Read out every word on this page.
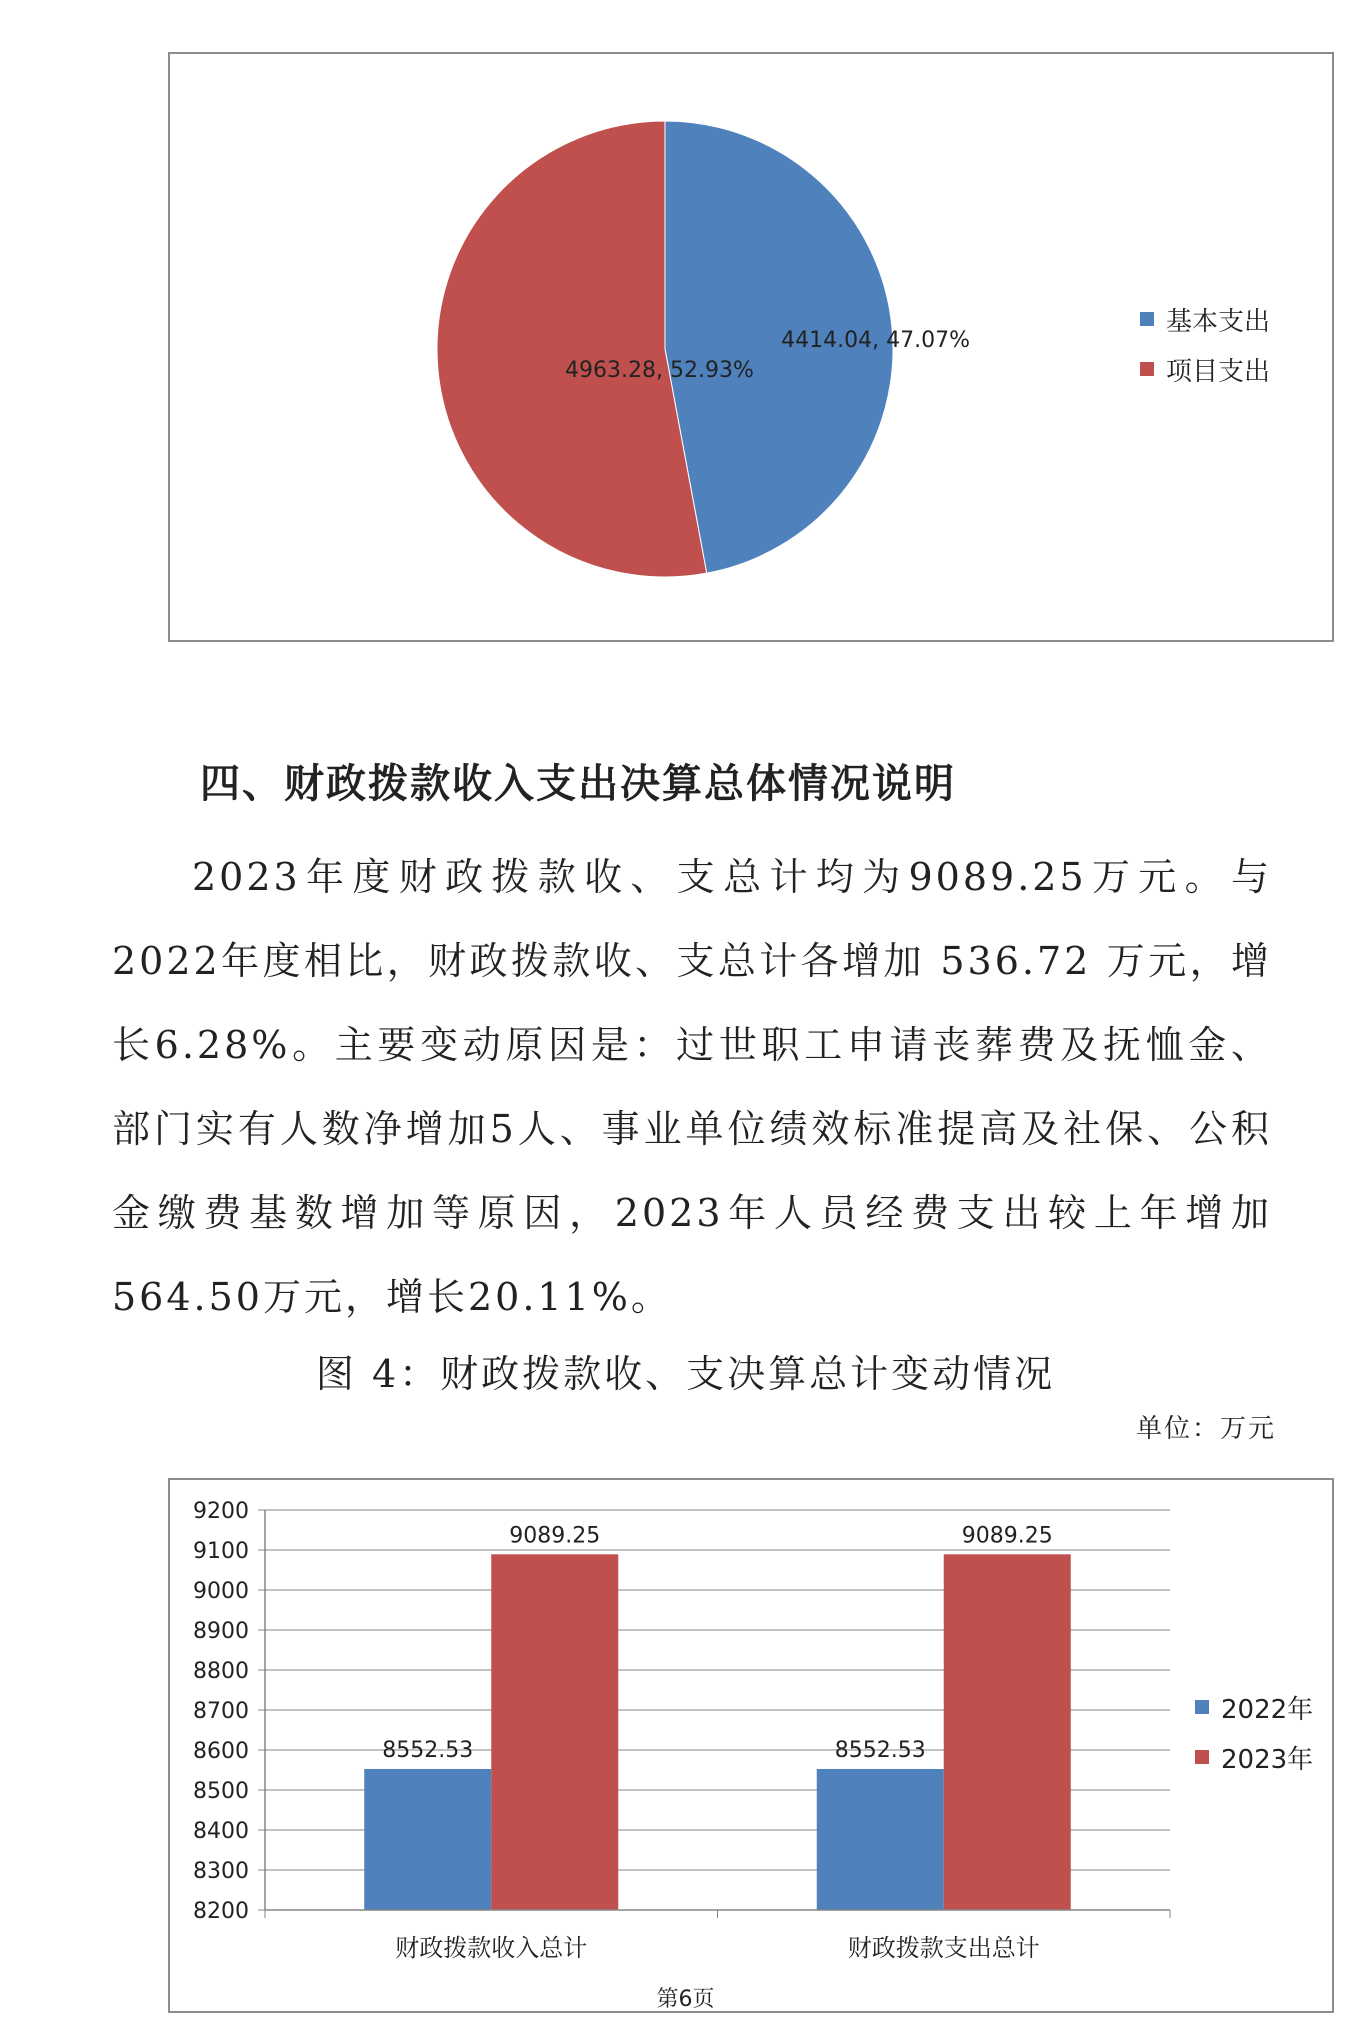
4414.04, 47.07%
4963.28, 52.93%
基本支出
项目支出
四、财政拨款收入支出决算总体情况说明

2023年度财政拨款收、支总计均为9089.25万元。与2022年度相比，财政拨款收、支总计各增加 536.72 万元，增长6.28%。主要变动原因是：过世职工申请丧葬费及抚恤金、部门实有人数净增加5人、事业单位绩效标准提高及社保、公积金缴费基数增加等原因，2023年人员经费支出较上年增加564.50万元，增长20.11%。

图 4：财政拨款收、支决算总计变动情况
单位：万元
9200
9100
9000
8900
8800
8700
8600
8500
8400
8300
8200
8552.53
9089.25
财政拨款收入总计
8552.53
9089.25
财政拨款支出总计
2022年
2023年
第6页
